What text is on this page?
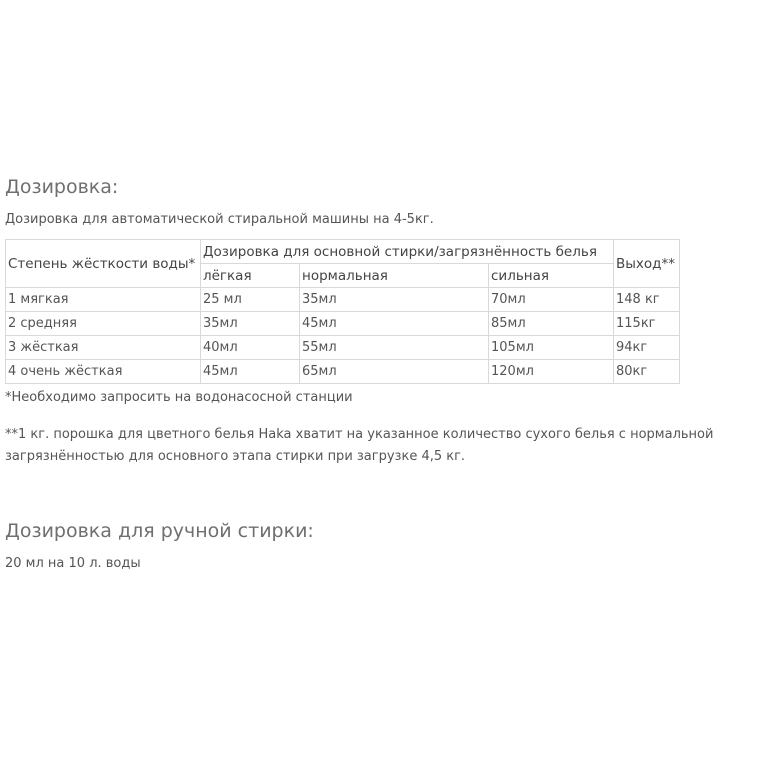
Дозировка:

Дозировка для автоматической стиральной машины на 4-5кг.

Степень жёсткости воды*	Дозировка для основной стирки/загрязнённость белья			Выход**
	лёгкая	нормальная	сильная	
1 мягкая	25 мл	35мл	70мл	148 кг
2 средняя	35мл	45мл	85мл	115кг
3 жёсткая	40мл	55мл	105мл	94кг
4 очень жёсткая	45мл	65мл	120мл	80кг

*Необходимо запросить на водонасосной станции

**1 кг. порошка для цветного белья Haka хватит на указанное количество сухого белья с нормальной
загрязнённостью для основного этапа стирки при загрузке 4,5 кг.

Дозировка для ручной стирки:

20 мл на 10 л. воды
